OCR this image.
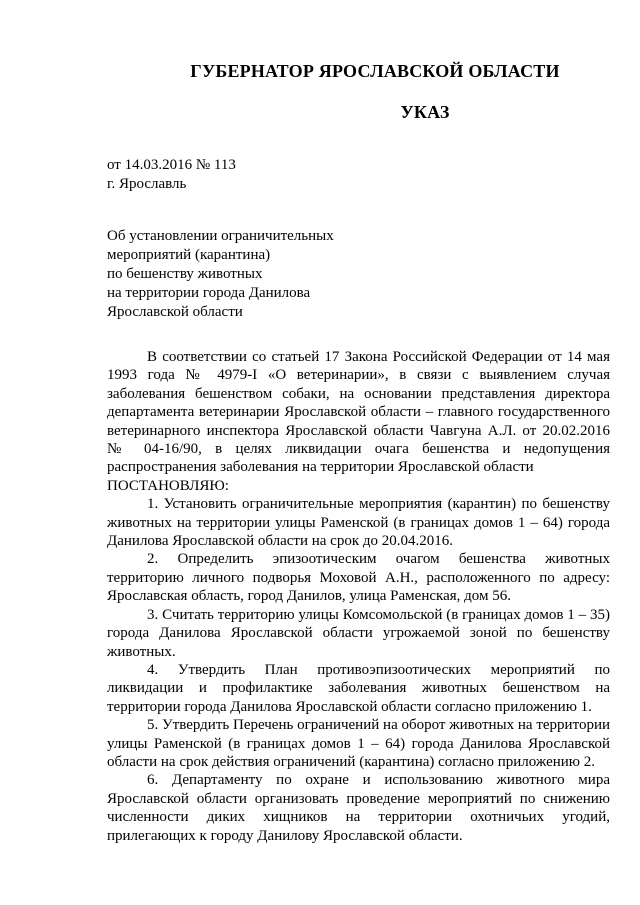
ГУБЕРНАТОР ЯРОСЛАВСКОЙ ОБЛАСТИ
УКАЗ
от 14.03.2016 № 113
г. Ярославль
Об установлении ограничительных
мероприятий (карантина)
по бешенству животных
на территории города Данилова
Ярославской области

В соответствии со статьей 17 Закона Российской Федерации от 14 мая 1993 года № 4979-I «О ветеринарии», в связи с выявлением случая заболевания бешенством собаки, на основании представления директора департамента ветеринарии Ярославской области – главного государственного ветеринарного инспектора Ярославской области Чавгуна А.Л. от 20.02.2016 № 04-16/90, в целях ликвидации очага бешенства и недопущения распространения заболевания на территории Ярославской области

ПОСТАНОВЛЯЮ:

1. Установить ограничительные мероприятия (карантин) по бешенству животных на территории улицы Раменской (в границах домов 1 – 64) города Данилова Ярославской области на срок до 20.04.2016.

2. Определить эпизоотическим очагом бешенства животных территорию личного подворья Моховой А.Н., расположенного по адресу: Ярославская область, город Данилов, улица Раменская, дом 56.

3. Считать территорию улицы Комсомольской (в границах домов 1 – 35) города Данилова Ярославской области угрожаемой зоной по бешенству животных.

4. Утвердить План противоэпизоотических мероприятий по ликвидации и профилактике заболевания животных бешенством на территории города Данилова Ярославской области согласно приложению 1.

5. Утвердить Перечень ограничений на оборот животных на территории улицы Раменской (в границах домов 1 – 64) города Данилова Ярославской области на срок действия ограничений (карантина) согласно приложению 2.

6. Департаменту по охране и использованию животного мира Ярославской области организовать проведение мероприятий по снижению численности диких хищников на территории охотничьих угодий, прилегающих к городу Данилову Ярославской области.
